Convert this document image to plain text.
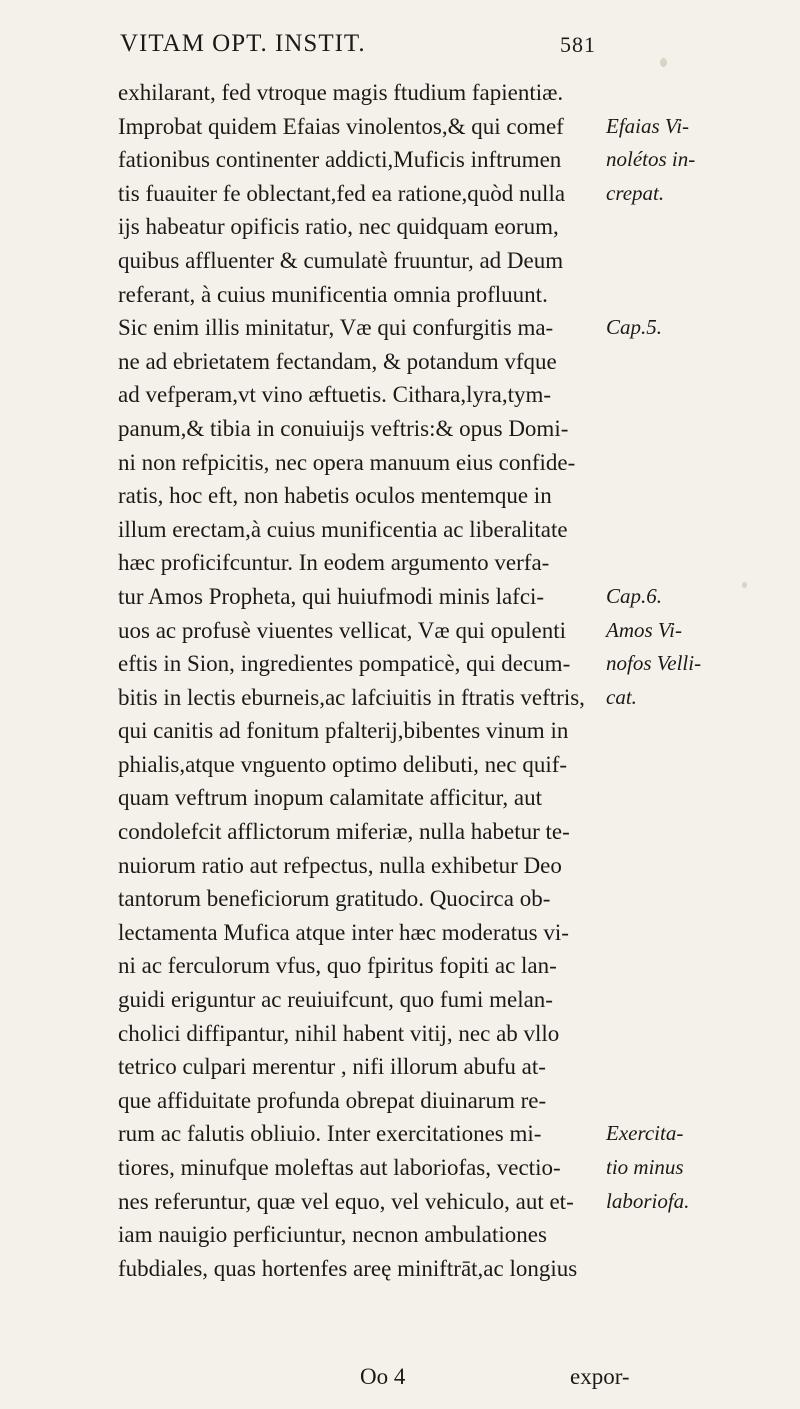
VITAM OPT. INSTIT.	581
exhilarant, fed vtroque magis ftudium fapientiæ.
Improbat quidem Efaias vinolentos,& qui comef
fationibus continenter addicti,Muficis inftrumen
tis fuauiter fe oblectant,fed ea ratione,quòd nulla
ijs habeatur opificis ratio, nec quidquam eorum,
quibus affluenter & cumulatè fruuntur, ad Deum
referant, à cuius munificentia omnia profluunt.
Sic enim illis minitatur, Væ qui confurgitis ma-
ne ad ebrietatem fectandam, & potandum vfque
ad vefperam,vt vino æftuetis. Cithara,lyra,tym-
panum,& tibia in conuiuijs veftris:& opus Domi-
ni non refpicitis, nec opera manuum eius confide-
ratis, hoc eft, non habetis oculos mentemque in
illum erectam,à cuius munificentia ac liberalitate
hæc proficifcuntur. In eodem argumento verfa-
tur Amos Propheta, qui huiufmodi minis lafci-
uos ac profusè viuentes vellicat, Væ qui opulenti
eftis in Sion, ingredientes pompaticè, qui decum-
bitis in lectis eburneis,ac lafciuitis in ftratis veftris,
qui canitis ad fonitum pfalterij,bibentes vinum in
phialis,atque vnguento optimo delibuti, nec quif-
quam veftrum inopum calamitate afficitur, aut
condolefcit afflictorum miferiæ, nulla habetur te-
nuiorum ratio aut refpectus, nulla exhibetur Deo
tantorum beneficiorum gratitudo. Quocirca ob-
lectamenta Mufica atque inter hæc moderatus vi-
ni ac ferculorum vfus, quo fpiritus fopiti ac lan-
guidi eriguntur ac reuiuifcunt, quo fumi melan-
cholici diffipantur, nihil habent vitij, nec ab vllo
tetrico culpari merentur , nifi illorum abufu at-
que affiduitate profunda obrepat diuinarum re-
rum ac falutis obliuio. Inter exercitationes mi-
tiores, minufque moleftas aut laboriofas, vectio-
nes referuntur, quæ vel equo, vel vehiculo, aut et-
iam nauigio perficiuntur, necnon ambulationes
fubdiales, quas hortenfes areę miniftrāt,ac longius
Efaias Vi-
nolétos in-
crepat.
Cap.5.
Cap.6.
Amos Vi-
nofos Velli-
cat.
Exercita-
tio minus
laboriofa.
Oo 4	expor-
